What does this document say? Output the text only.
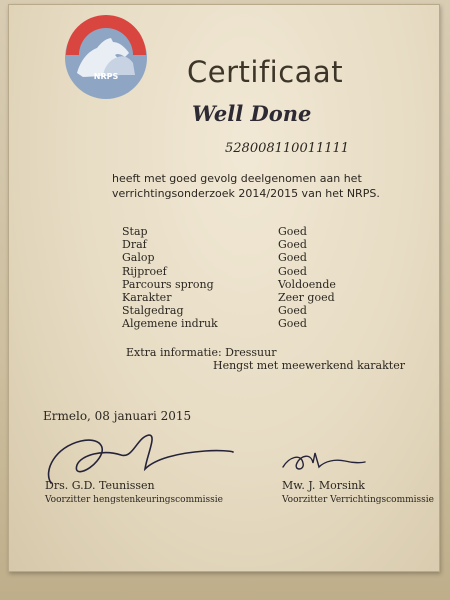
NRPS	Certificaat
Well Done
528008110011111
heeft met goed gevolg deelgenomen aan het
verrichtingsonderzoek 2014/2015 van het NRPS.
Stap	Goed
Draf	Goed
Galop	Goed
Rijproef	Goed
Parcours sprong	Voldoende
Karakter	Zeer goed
Stalgedrag	Goed
Algemene indruk	Goed
Extra informatie: Dressuur
Hengst met meewerkend karakter
Ermelo, 08 januari 2015
Drs. G.D. Teunissen
Voorzitter hengstenkeuringscommissie
Mw. J. Morsink
Voorzitter Verrichtingscommissie
